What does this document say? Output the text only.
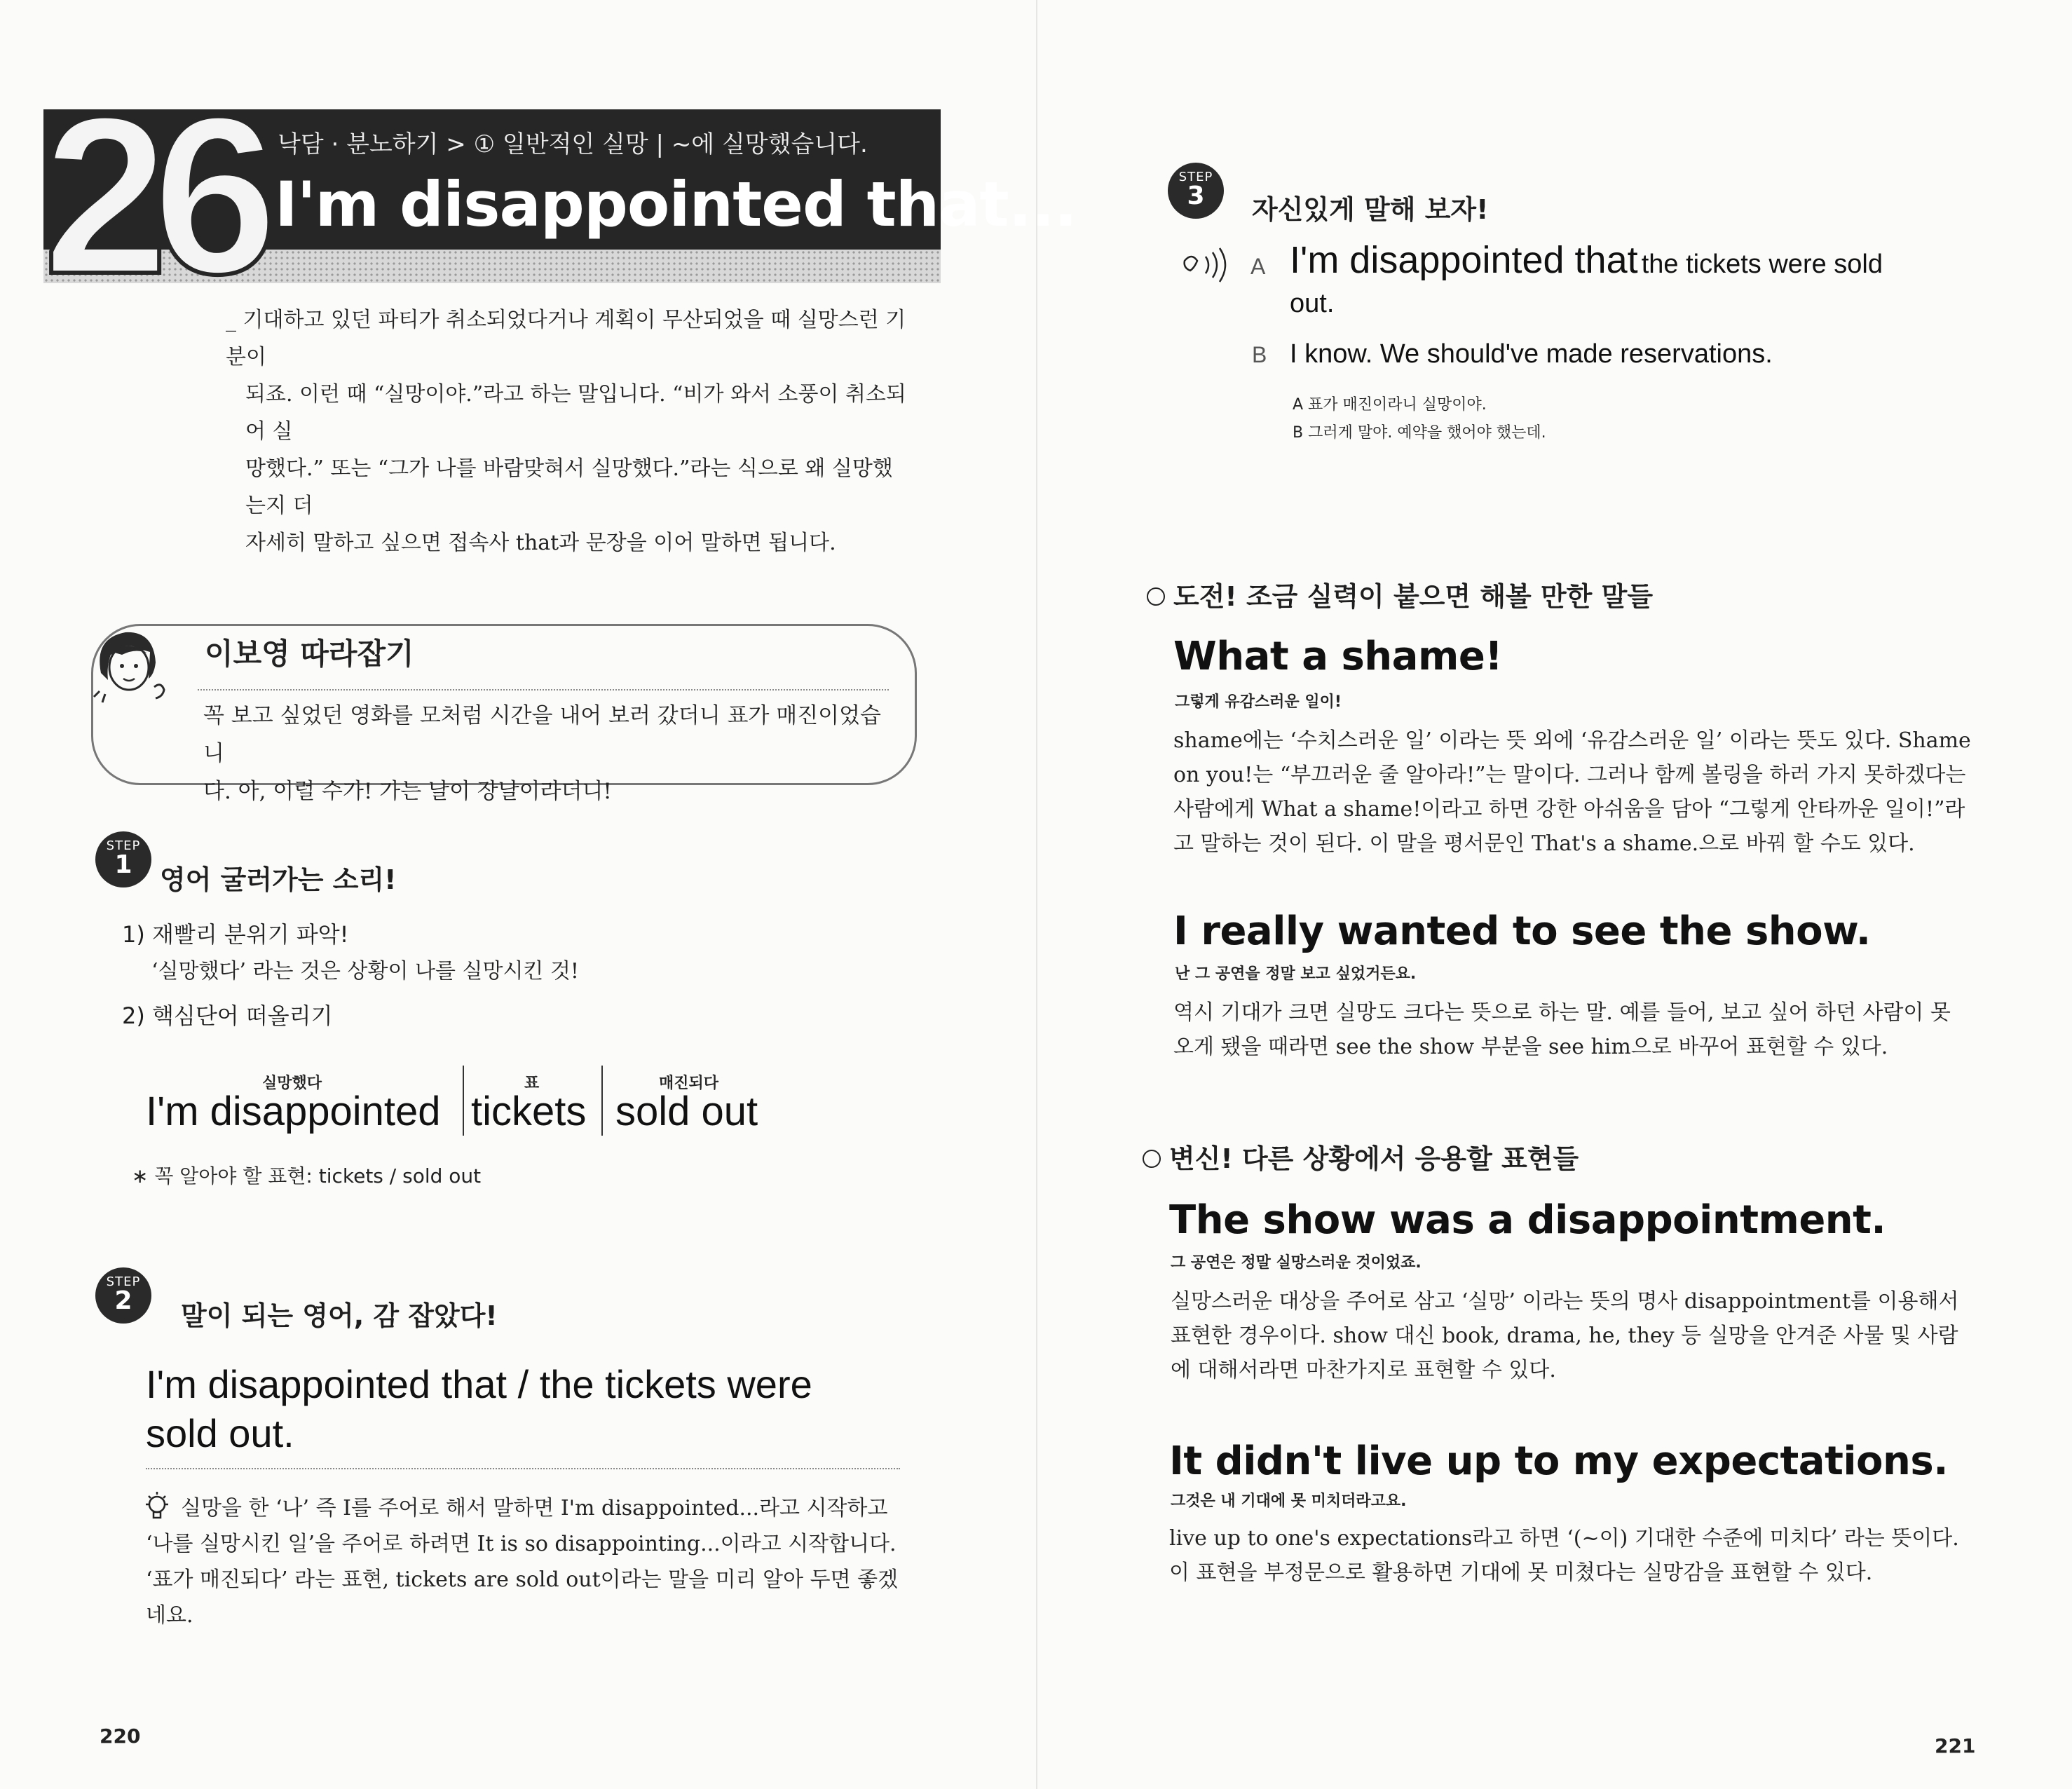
26 낙담 · 분노하기 > ① 일반적인 실망 | ~에 실망했습니다.
I'm disappointed that...

_ 기대하고 있던 파티가 취소되었다거나 계획이 무산되었을 때 실망스런 기분이

되죠. 이런 때 “실망이야.”라고 하는 말입니다. “비가 와서 소풍이 취소되어 실

망했다.” 또는 “그가 나를 바람맞혀서 실망했다.”라는 식으로 왜 실망했는지 더

자세히 말하고 싶으면 접속사 that과 문장을 이어 말하면 됩니다.

이보영 따라잡기

꼭 보고 싶었던 영화를 모처럼 시간을 내어 보러 갔더니 표가 매진이었습니

다. 아, 이럴 수가! 가는 날이 장날이라더니!

STEP
1	영어 굴러가는 소리!
1) 재빨리 분위기 파악!
‘실망했다’ 라는 것은 상황이 나를 실망시킨 것!
2) 핵심단어 떠올리기
실망했다
I'm disappointed
표
tickets
매진되다
sold out
∗ 꼭 알아야 할 표현: tickets / sold out
STEP
2	말이 되는 영어, 감 잡았다!

I'm disappointed that / the tickets were

sold out.

실망을 한 ‘나’ 즉 I를 주어로 해서 말하면 I'm disappointed...라고 시작하고

‘나를 실망시킨 일’을 주어로 하려면 It is so disappointing...이라고 시작합니다.

‘표가 매진되다’ 라는 표현, tickets are sold out이라는 말을 미리 알아 두면 좋겠

네요.

220
STEP
3	자신있게 말해 보자!
A I'm disappointed that the tickets were sold
out.
B I know. We should've made reservations.
A 표가 매진이라니 실망이야.
B 그러게 말야. 예약을 했어야 했는데.
도전! 조금 실력이 붙으면 해볼 만한 말들
What a shame!
그렇게 유감스러운 일이!

shame에는 ‘수치스러운 일’ 이라는 뜻 외에 ‘유감스러운 일’ 이라는 뜻도 있다. Shame

on you!는 “부끄러운 줄 알아라!”는 말이다. 그러나 함께 볼링을 하러 가지 못하겠다는

사람에게 What a shame!이라고 하면 강한 아쉬움을 담아 “그렇게 안타까운 일이!”라

고 말하는 것이 된다. 이 말을 평서문인 That's a shame.으로 바꿔 할 수도 있다.

I really wanted to see the show.
난 그 공연을 정말 보고 싶었거든요.

역시 기대가 크면 실망도 크다는 뜻으로 하는 말. 예를 들어, 보고 싶어 하던 사람이 못

오게 됐을 때라면 see the show 부분을 see him으로 바꾸어 표현할 수 있다.

변신! 다른 상황에서 응용할 표현들
The show was a disappointment.
그 공연은 정말 실망스러운 것이었죠.

실망스러운 대상을 주어로 삼고 ‘실망’ 이라는 뜻의 명사 disappointment를 이용해서

표현한 경우이다. show 대신 book, drama, he, they 등 실망을 안겨준 사물 및 사람

에 대해서라면 마찬가지로 표현할 수 있다.

It didn't live up to my expectations.
그것은 내 기대에 못 미치더라고요.

live up to one's expectations라고 하면 ‘(~이) 기대한 수준에 미치다’ 라는 뜻이다.

이 표현을 부정문으로 활용하면 기대에 못 미쳤다는 실망감을 표현할 수 있다.

221
